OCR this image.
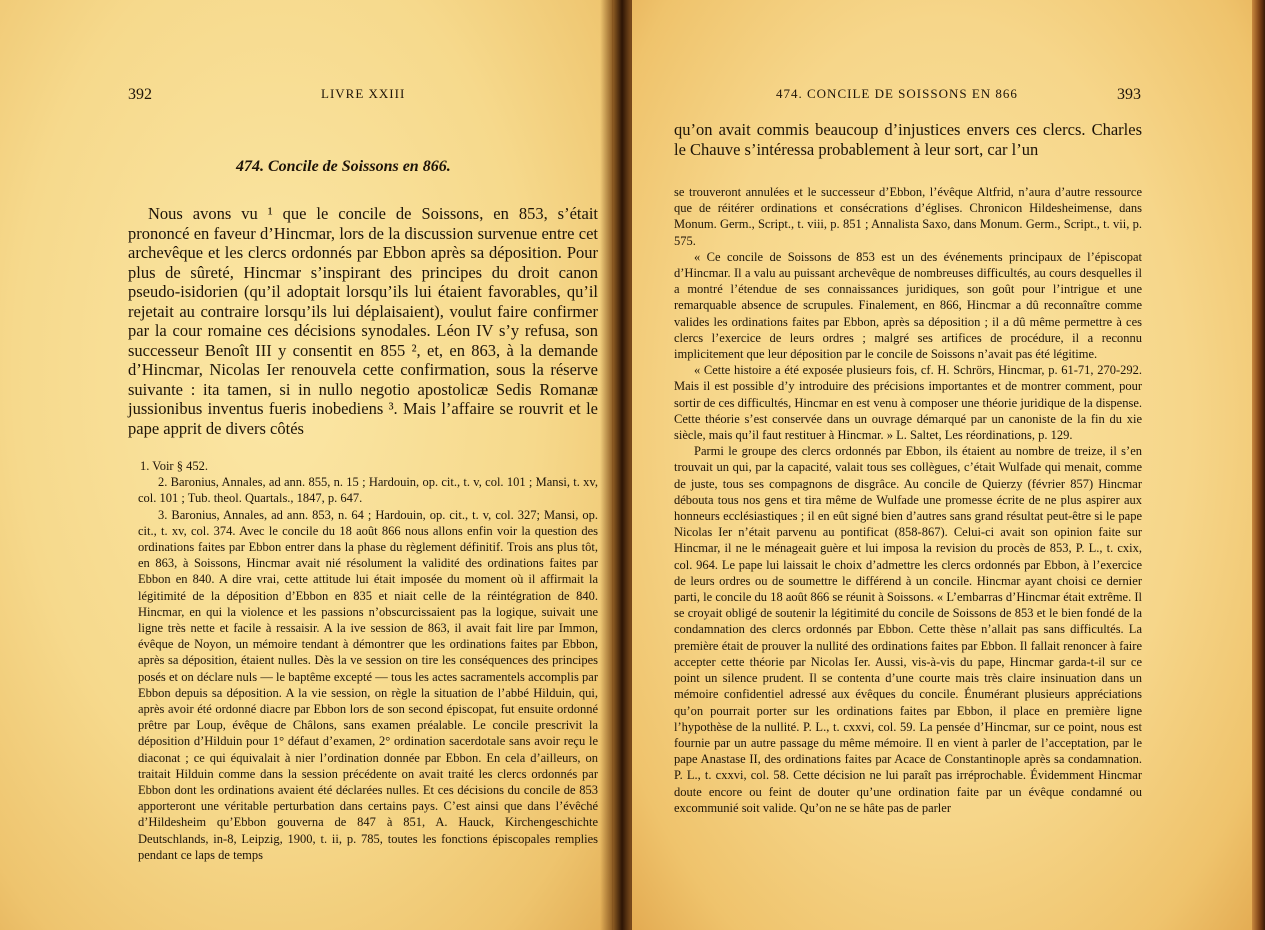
392	LIVRE XXIII
474. Concile de Soissons en 866.

Nous avons vu ¹ que le concile de Soissons, en 853, s’était prononcé en faveur d’Hincmar, lors de la discussion survenue entre cet archevêque et les clercs ordonnés par Ebbon après sa déposition. Pour plus de sûreté, Hincmar s’inspirant des principes du droit canon pseudo-isidorien (qu’il adoptait lorsqu’ils lui étaient favorables, qu’il rejetait au contraire lorsqu’ils lui déplaisaient), voulut faire confirmer par la cour romaine ces décisions synodales. Léon IV s’y refusa, son successeur Benoît III y consentit en 855 ², et, en 863, à la demande d’Hincmar, Nicolas Ier renouvela cette confirmation, sous la réserve suivante : ita tamen, si in nullo negotio apostolicæ Sedis Romanæ jussionibus inventus fueris inobediens ³. Mais l’affaire se rouvrit et le pape apprit de divers côtés

1. Voir § 452.

2. Baronius, Annales, ad ann. 855, n. 15 ; Hardouin, op. cit., t. v, col. 101 ; Mansi, t. xv, col. 101 ; Tub. theol. Quartals., 1847, p. 647.

3. Baronius, Annales, ad ann. 853, n. 64 ; Hardouin, op. cit., t. v, col. 327; Mansi, op. cit., t. xv, col. 374. Avec le concile du 18 août 866 nous allons enfin voir la question des ordinations faites par Ebbon entrer dans la phase du règlement définitif. Trois ans plus tôt, en 863, à Soissons, Hincmar avait nié résolument la validité des ordinations faites par Ebbon en 840. A dire vrai, cette attitude lui était imposée du moment où il affirmait la légitimité de la déposition d’Ebbon en 835 et niait celle de la réintégration de 840. Hincmar, en qui la violence et les passions n’obscurcissaient pas la logique, suivait une ligne très nette et facile à ressaisir. A la ive session de 863, il avait fait lire par Immon, évêque de Noyon, un mémoire tendant à démontrer que les ordinations faites par Ebbon, après sa déposition, étaient nulles. Dès la ve session on tire les conséquences des principes posés et on déclare nuls — le baptême excepté — tous les actes sacramentels accomplis par Ebbon depuis sa déposition. A la vie session, on règle la situation de l’abbé Hilduin, qui, après avoir été ordonné diacre par Ebbon lors de son second épiscopat, fut ensuite ordonné prêtre par Loup, évêque de Châlons, sans examen préalable. Le concile prescrivit la déposition d’Hilduin pour 1° défaut d’examen, 2° ordination sacerdotale sans avoir reçu le diaconat ; ce qui équivalait à nier l’ordination donnée par Ebbon. En cela d’ailleurs, on traitait Hilduin comme dans la session précédente on avait traité les clercs ordonnés par Ebbon dont les ordinations avaient été déclarées nulles. Et ces décisions du concile de 853 apporteront une véritable perturbation dans certains pays. C’est ainsi que dans l’évêché d’Hildesheim qu’Ebbon gouverna de 847 à 851, A. Hauck, Kirchengeschichte Deutschlands, in-8, Leipzig, 1900, t. ii, p. 785, toutes les fonctions épiscopales remplies pendant ce laps de temps

474. CONCILE DE SOISSONS EN 866	393

qu’on avait commis beaucoup d’injustices envers ces clercs. Charles le Chauve s’intéressa probablement à leur sort, car l’un

se trouveront annulées et le successeur d’Ebbon, l’évêque Altfrid, n’aura d’autre ressource que de réitérer ordinations et consécrations d’églises. Chronicon Hildesheimense, dans Monum. Germ., Script., t. viii, p. 851 ; Annalista Saxo, dans Monum. Germ., Script., t. vii, p. 575.

« Ce concile de Soissons de 853 est un des événements principaux de l’épiscopat d’Hincmar. Il a valu au puissant archevêque de nombreuses difficultés, au cours desquelles il a montré l’étendue de ses connaissances juridiques, son goût pour l’intrigue et une remarquable absence de scrupules. Finalement, en 866, Hincmar a dû reconnaître comme valides les ordinations faites par Ebbon, après sa déposition ; il a dû même permettre à ces clercs l’exercice de leurs ordres ; malgré ses artifices de procédure, il a reconnu implicitement que leur déposition par le concile de Soissons n’avait pas été légitime.

« Cette histoire a été exposée plusieurs fois, cf. H. Schrörs, Hincmar, p. 61-71, 270-292. Mais il est possible d’y introduire des précisions importantes et de montrer comment, pour sortir de ces difficultés, Hincmar en est venu à composer une théorie juridique de la dispense. Cette théorie s’est conservée dans un ouvrage démarqué par un canoniste de la fin du xie siècle, mais qu’il faut restituer à Hincmar. » L. Saltet, Les réordinations, p. 129.

Parmi le groupe des clercs ordonnés par Ebbon, ils étaient au nombre de treize, il s’en trouvait un qui, par la capacité, valait tous ses collègues, c’était Wulfade qui menait, comme de juste, tous ses compagnons de disgrâce. Au concile de Quierzy (février 857) Hincmar débouta tous nos gens et tira même de Wulfade une promesse écrite de ne plus aspirer aux honneurs ecclésiastiques ; il en eût signé bien d’autres sans grand résultat peut-être si le pape Nicolas Ier n’était parvenu au pontificat (858-867). Celui-ci avait son opinion faite sur Hincmar, il ne le ménageait guère et lui imposa la revision du procès de 853, P. L., t. cxix, col. 964. Le pape lui laissait le choix d’admettre les clercs ordonnés par Ebbon, à l’exercice de leurs ordres ou de soumettre le différend à un concile. Hincmar ayant choisi ce dernier parti, le concile du 18 août 866 se réunit à Soissons. « L’embarras d’Hincmar était extrême. Il se croyait obligé de soutenir la légitimité du concile de Soissons de 853 et le bien fondé de la condamnation des clercs ordonnés par Ebbon. Cette thèse n’allait pas sans difficultés. La première était de prouver la nullité des ordinations faites par Ebbon. Il fallait renoncer à faire accepter cette théorie par Nicolas Ier. Aussi, vis-à-vis du pape, Hincmar garda-t-il sur ce point un silence prudent. Il se contenta d’une courte mais très claire insinuation dans un mémoire confidentiel adressé aux évêques du concile. Énumérant plusieurs appréciations qu’on pourrait porter sur les ordinations faites par Ebbon, il place en première ligne l’hypothèse de la nullité. P. L., t. cxxvi, col. 59. La pensée d’Hincmar, sur ce point, nous est fournie par un autre passage du même mémoire. Il en vient à parler de l’acceptation, par le pape Anastase II, des ordinations faites par Acace de Constantinople après sa condamnation. P. L., t. cxxvi, col. 58. Cette décision ne lui paraît pas irréprochable. Évidemment Hincmar doute encore ou feint de douter qu’une ordination faite par un évêque condamné ou excommunié soit valide. Qu’on ne se hâte pas de parler
